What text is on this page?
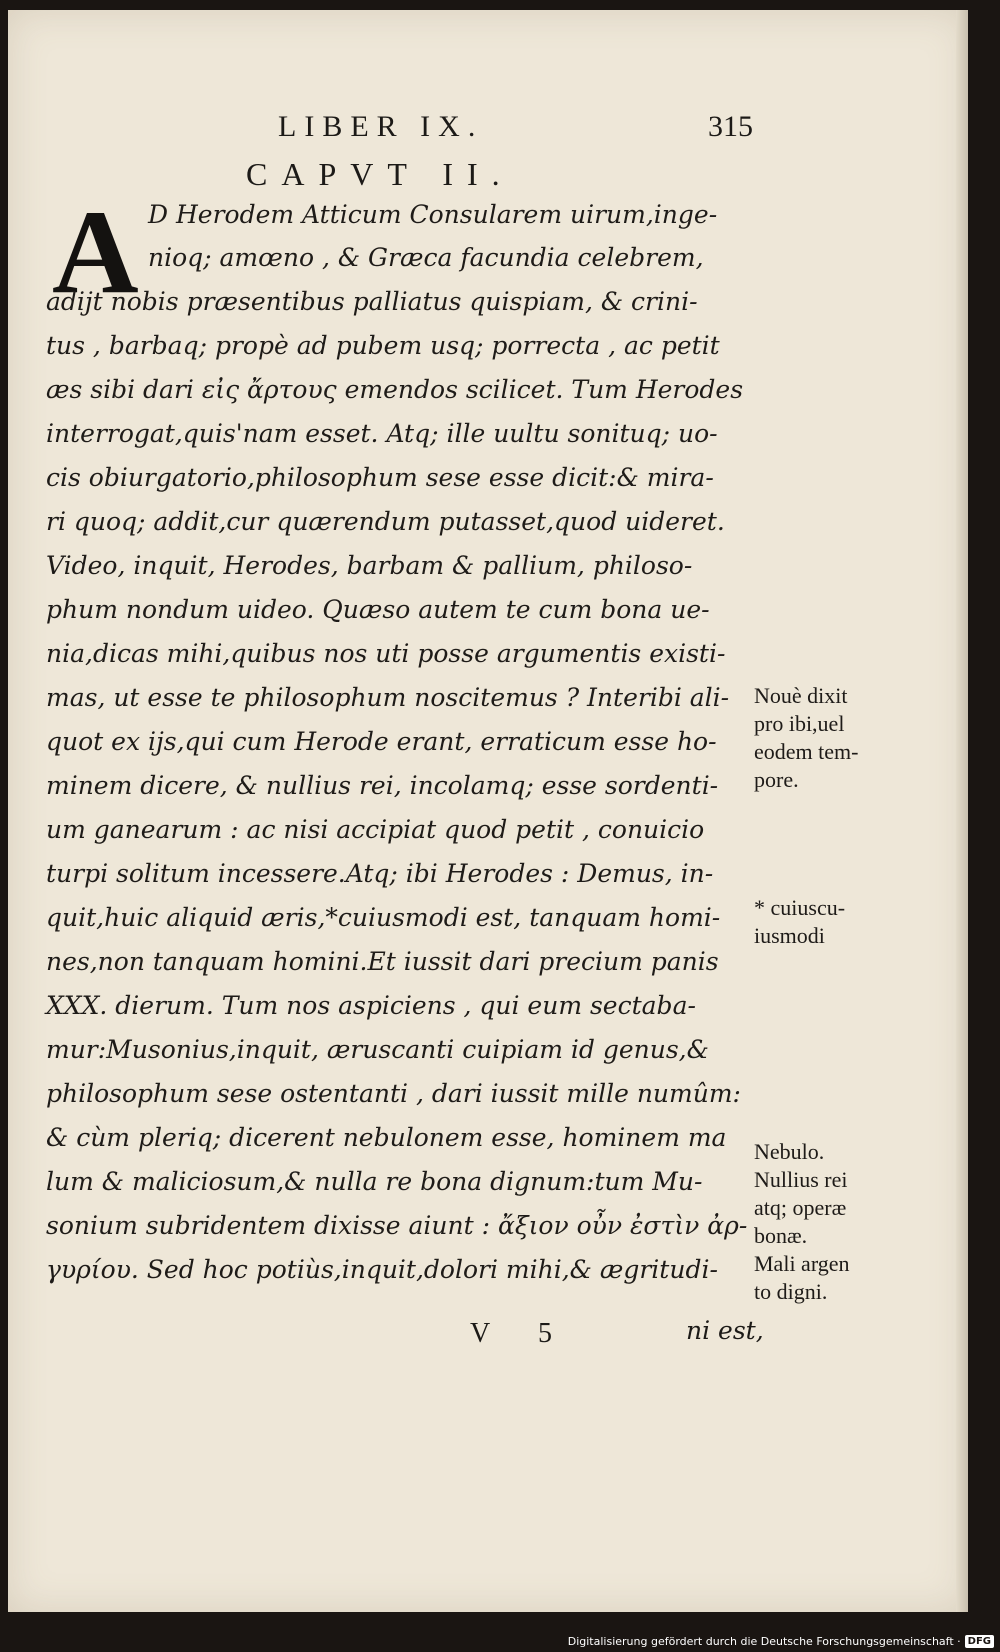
LIBER IX.	315
CAPVT II.
A D Herodem Atticum Consularem uirum,inge-
nioq; amœno , & Græca facundia celebrem,
adijt nobis præsentibus palliatus quispiam, & crini-
tus , barbaq; propè ad pubem usq; porrecta , ac petit
æs sibi dari εἰς ἄρτους emendos scilicet. Tum Herodes
interrogat,quis'nam esset. Atq; ille uultu sonituq; uo-
cis obiurgatorio,philosophum sese esse dicit:& mira-
ri quoq; addit,cur quærendum putasset,quod uideret.
Video, inquit, Herodes, barbam & pallium, philoso-
phum nondum uideo. Quæso autem te cum bona ue-
nia,dicas mihi,quibus nos uti posse argumentis existi-
mas, ut esse te philosophum noscitemus ? Interibi ali-
quot ex ijs,qui cum Herode erant, erraticum esse ho-
minem dicere, & nullius rei, incolamq; esse sordenti-
um ganearum : ac nisi accipiat quod petit , conuicio
turpi solitum incessere.Atq; ibi Herodes : Demus, in-
quit,huic aliquid æris,*cuiusmodi est, tanquam homi-
nes,non tanquam homini.Et iussit dari precium panis
XXX. dierum. Tum nos aspiciens , qui eum sectaba-
mur:Musonius,inquit, æruscanti cuipiam id genus,&
philosophum sese ostentanti , dari iussit mille numûm:
& cùm pleriq; dicerent nebulonem esse, hominem ma
lum & maliciosum,& nulla re bona dignum:tum Mu-
sonium subridentem dixisse aiunt : ἄξιον οὖν ἐστὶν ἀρ-
γυρίου. Sed hoc potiùs,inquit,dolori mihi,& ægritudi-
Nouè dixit
pro ibi,uel
eodem tem-
pore.
* cuiuscu-
iusmodi
Nebulo.
Nullius rei
atq; operæ
bonæ.
Mali argen
to digni.
V 5	ni est,
Digitalisierung gefördert durch die Deutsche Forschungsgemeinschaft · DFG
